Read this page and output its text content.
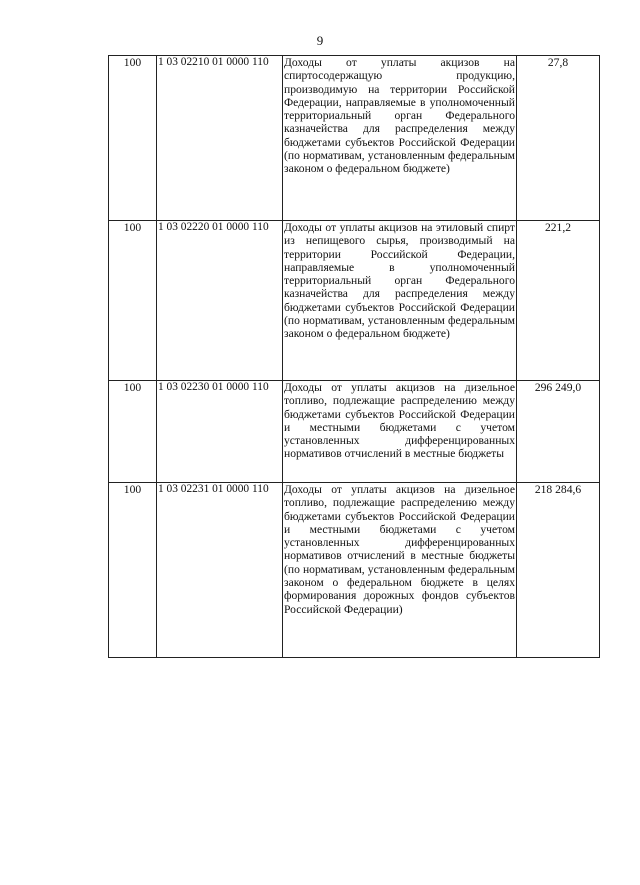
9
100	1 03 02210 01 0000 110	Доходы от уплаты акцизов на спиртосодержащую продукцию, производимую на территории Российской Федерации, направляемые в уполномоченный территориальный орган Федерального казначейства для распределения между бюджетами субъектов Российской Федерации (по нормативам, установленным федеральным законом о федеральном бюджете)	27,8
100	1 03 02220 01 0000 110	Доходы от уплаты акцизов на этиловый спирт из непищевого сырья, производимый на территории Российской Федерации, направляемые в уполномоченный территориальный орган Федерального казначейства для распределения между бюджетами субъектов Российской Федерации (по нормативам, установленным федеральным законом о федеральном бюджете)	221,2
100	1 03 02230 01 0000 110	Доходы от уплаты акцизов на дизельное топливо, подлежащие распределению между бюджетами субъектов Российской Федерации и местными бюджетами с учетом установленных дифференцированных нормативов отчислений в местные бюджеты	296 249,0
100	1 03 02231 01 0000 110	Доходы от уплаты акцизов на дизельное топливо, подлежащие распределению между бюджетами субъектов Российской Федерации и местными бюджетами с учетом установленных дифференцированных нормативов отчислений в местные бюджеты (по нормативам, установленным федеральным законом о федеральном бюджете в целях формирования дорожных фондов субъектов Российской Федерации)	218 284,6
